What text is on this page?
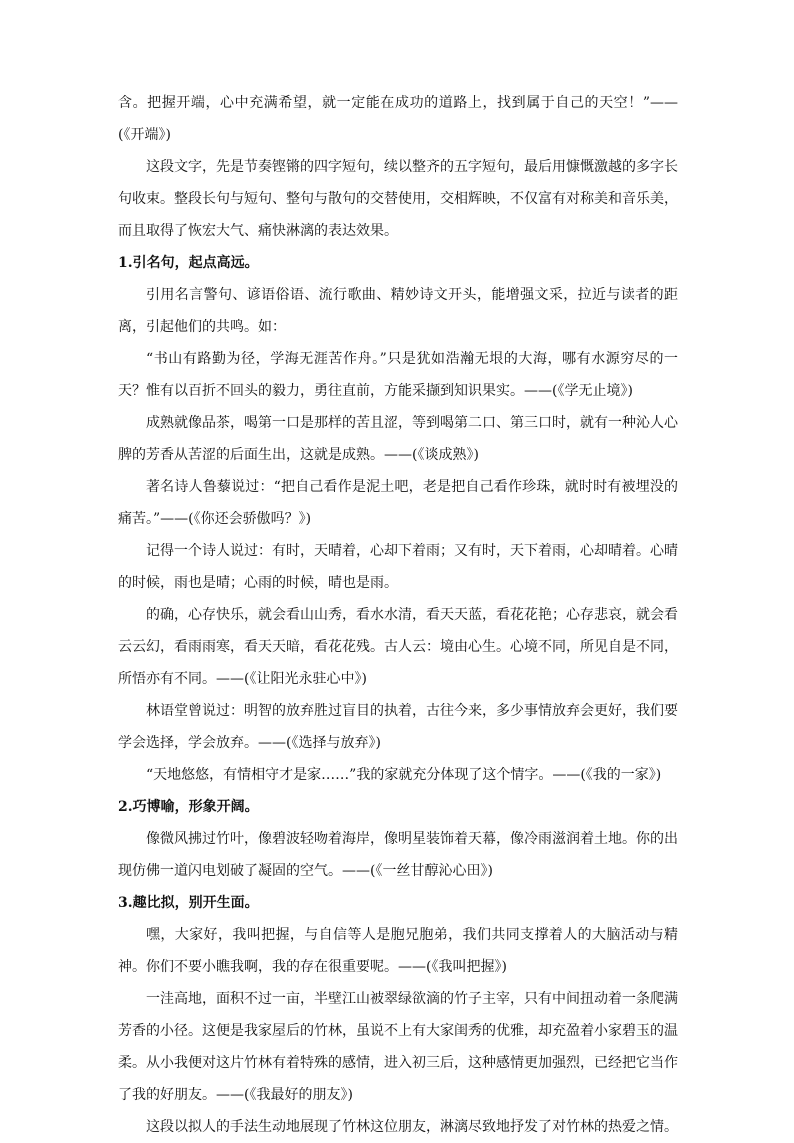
含。把握开端，心中充满希望，就一定能在成功的道路上，找到属于自己的天空！”——(《开端》)

这段文字，先是节奏铿锵的四字短句，续以整齐的五字短句，最后用慷慨激越的多字长句收束。整段长句与短句、整句与散句的交替使用，交相辉映，不仅富有对称美和音乐美，而且取得了恢宏大气、痛快淋漓的表达效果。

1.引名句，起点高远。

引用名言警句、谚语俗语、流行歌曲、精妙诗文开头，能增强文采，拉近与读者的距离，引起他们的共鸣。如：

“书山有路勤为径，学海无涯苦作舟。”只是犹如浩瀚无垠的大海，哪有水源穷尽的一天？惟有以百折不回头的毅力，勇往直前，方能采撷到知识果实。——(《学无止境》)

成熟就像品茶，喝第一口是那样的苦且涩，等到喝第二口、第三口时，就有一种沁人心脾的芳香从苦涩的后面生出，这就是成熟。——(《谈成熟》)

著名诗人鲁藜说过：“把自己看作是泥土吧，老是把自己看作珍珠，就时时有被埋没的痛苦。”——(《你还会骄傲吗？》)

记得一个诗人说过：有时，天晴着，心却下着雨；又有时，天下着雨，心却晴着。心晴的时候，雨也是晴；心雨的时候，晴也是雨。

的确，心存快乐，就会看山山秀，看水水清，看天天蓝，看花花艳；心存悲哀，就会看云云幻，看雨雨寒，看天天暗，看花花残。古人云：境由心生。心境不同，所见自是不同，所悟亦有不同。——(《让阳光永驻心中》)

林语堂曾说过：明智的放弃胜过盲目的执着，古往今来，多少事情放弃会更好，我们要学会选择，学会放弃。——(《选择与放弃》)

“天地悠悠，有情相守才是家……”我的家就充分体现了这个情字。——(《我的一家》)

2.巧博喻，形象开阔。

像微风拂过竹叶，像碧波轻吻着海岸，像明星装饰着天幕，像冷雨滋润着土地。你的出现仿佛一道闪电划破了凝固的空气。——(《一丝甘醇沁心田》)

3.趣比拟，别开生面。

嘿，大家好，我叫把握，与自信等人是胞兄胞弟，我们共同支撑着人的大脑活动与精神。你们不要小瞧我啊，我的存在很重要呢。——(《我叫把握》)

一洼高地，面积不过一亩，半壁江山被翠绿欲滴的竹子主宰，只有中间扭动着一条爬满芳香的小径。这便是我家屋后的竹林，虽说不上有大家闺秀的优雅，却充盈着小家碧玉的温柔。从小我便对这片竹林有着特殊的感情，进入初三后，这种感情更加强烈，已经把它当作了我的好朋友。——(《我最好的朋友》)

这段以拟人的手法生动地展现了竹林这位朋友，淋漓尽致地抒发了对竹林的热爱之情。
